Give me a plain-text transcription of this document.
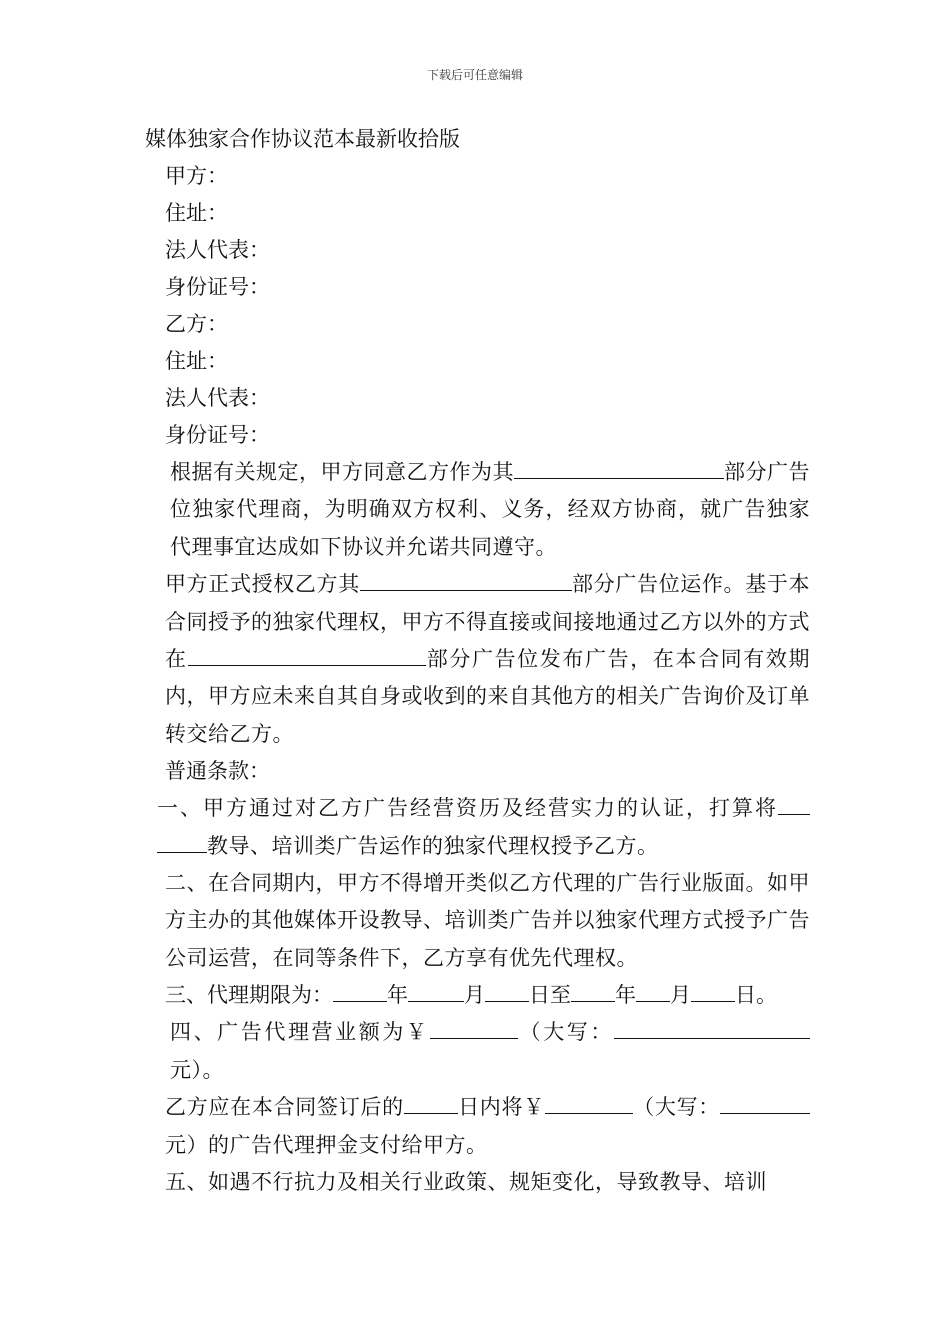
下载后可任意编辑
媒体独家合作协议范本最新收拾版

甲方：

住址：

法人代表：

身份证号：

乙方：

住址：

法人代表：

身份证号：

根据有关规定，甲方同意乙方作为其	部分广告位独家代理商，为明确双方权利、义务，经双方协商，就广告独家代理事宜达成如下协议并允诺共同遵守。

甲方正式授权乙方其	部分广告位运作。基于本合同授予的独家代理权，甲方不得直接或间接地通过乙方以外的方式在	部分广告位发布广告，在本合同有效期内，甲方应未来自其自身或收到的来自其他方的相关广告询价及订单转交给乙方。

普通条款：

一、甲方通过对乙方广告经营资历及经营实力的认证，打算将教导、培训类广告运作的独家代理权授予乙方。

二、在合同期内，甲方不得增开类似乙方代理的广告行业版面。如甲方主办的其他媒体开设教导、培训类广告并以独家代理方式授予广告公司运营，在同等条件下，乙方享有优先代理权。

三、代理期限为：	年	月 日至 年 月 日。

四、广告代理营业额为￥	（大写：元）。

乙方应在本合同签订后的	日内将￥	（大写：元）的广告代理押金支付给甲方。

五、如遇不行抗力及相关行业政策、规矩变化，导致教导、培训
